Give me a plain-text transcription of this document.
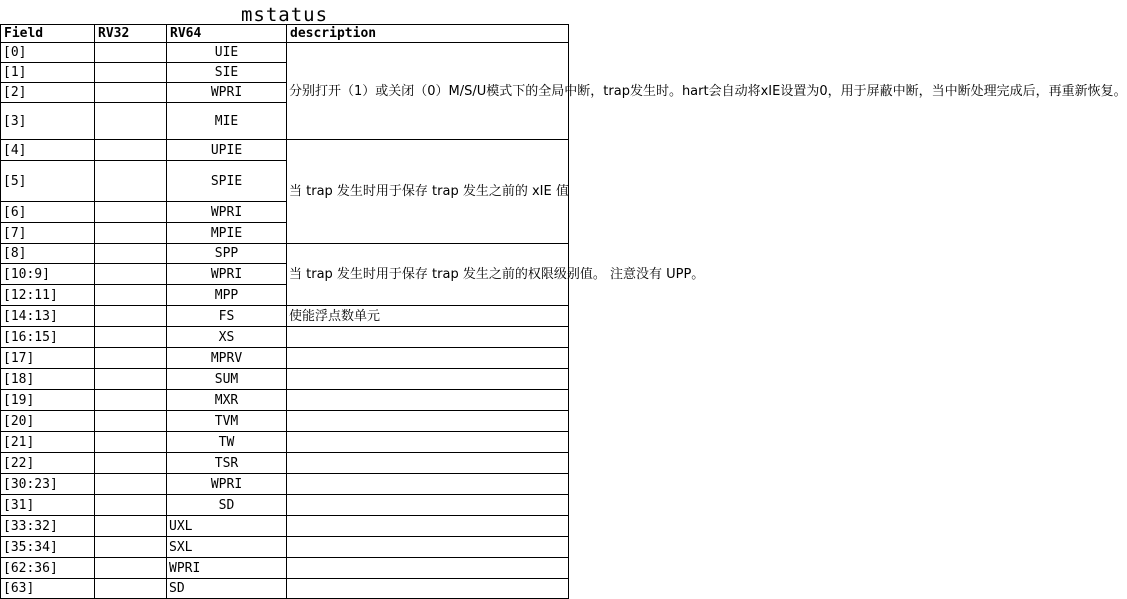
mstatus
Field	RV32	RV64	description
[0]		UIE	分别打开（1）或关闭（0）M/S/U模式下的全局中断，trap发生时。hart会自动将xIE设置为0，用于屏蔽中断，当中断处理完成后，再重新恢复。
[1]		SIE	
[2]		WPRI	
[3]		MIE	
[4]		UPIE	当 trap 发生时用于保存 trap 发生之前的 xIE 值
[5]		SPIE	
[6]		WPRI	
[7]		MPIE	
[8]		SPP	当 trap 发生时用于保存 trap 发生之前的权限级别值。 注意没有 UPP。
[10:9]		WPRI	
[12:11]		MPP	
[14:13]		FS	使能浮点数单元
[16:15]		XS	
[17]		MPRV	
[18]		SUM	
[19]		MXR	
[20]		TVM	
[21]		TW	
[22]		TSR	
[30:23]		WPRI	
[31]		SD	
[33:32]		UXL	
[35:34]		SXL	
[62:36]		WPRI	
[63]		SD	
